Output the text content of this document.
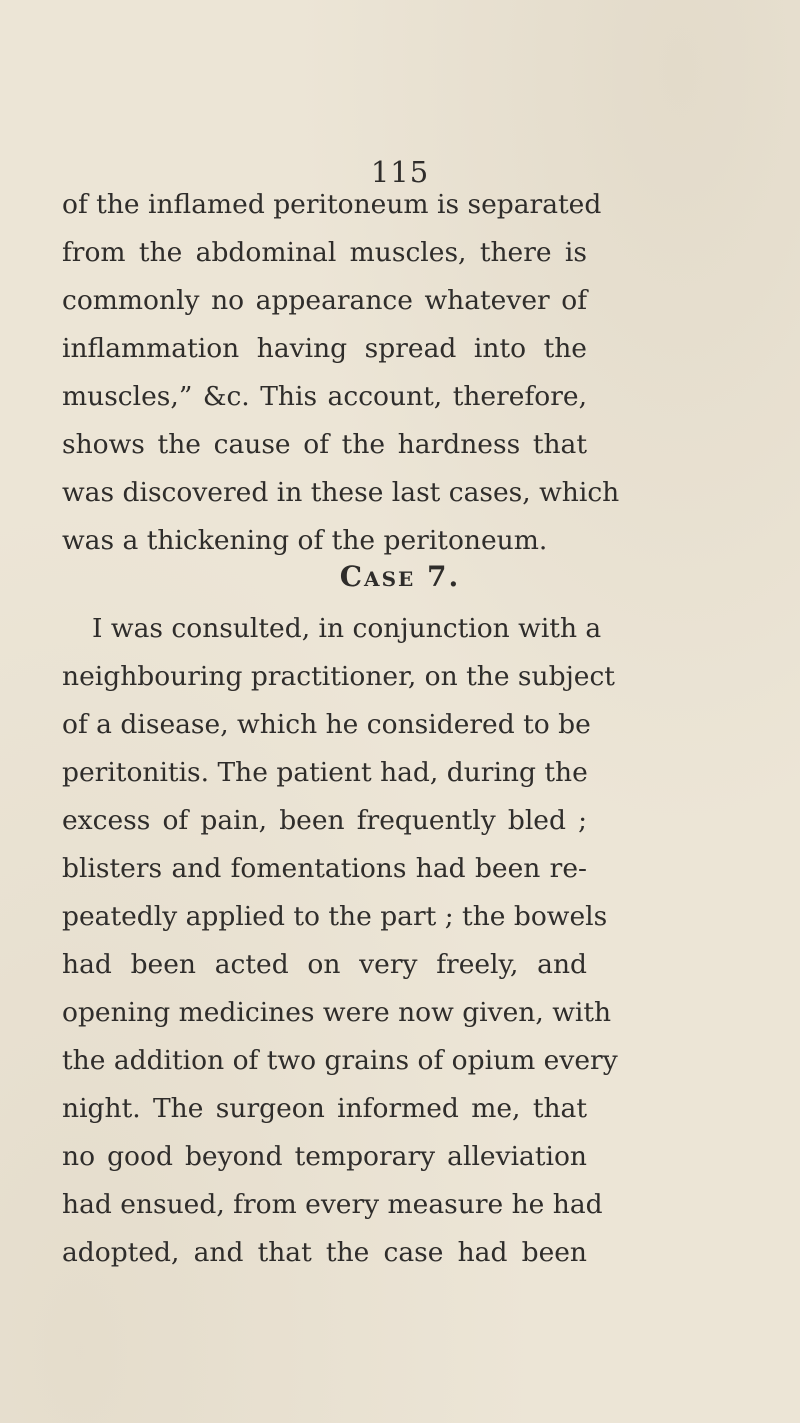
115

of the inflamed peritoneum is separated

from the abdominal muscles, there is

commonly no appearance whatever of

inflammation having spread into the

muscles,” &c. This account, therefore,

shows the cause of the hardness that

was discovered in these last cases, which

was a thickening of the peritoneum.

Case 7.

I was consulted, in conjunction with a

neighbouring practitioner, on the subject

of a disease, which he considered to be

peritonitis. The patient had, during the

excess of pain, been frequently bled ;

blisters and fomentations had been re-

peatedly applied to the part ; the bowels

had been acted on very freely, and

opening medicines were now given, with

the addition of two grains of opium every

night. The surgeon informed me, that

no good beyond temporary alleviation

had ensued, from every measure he had

adopted, and that the case had been
